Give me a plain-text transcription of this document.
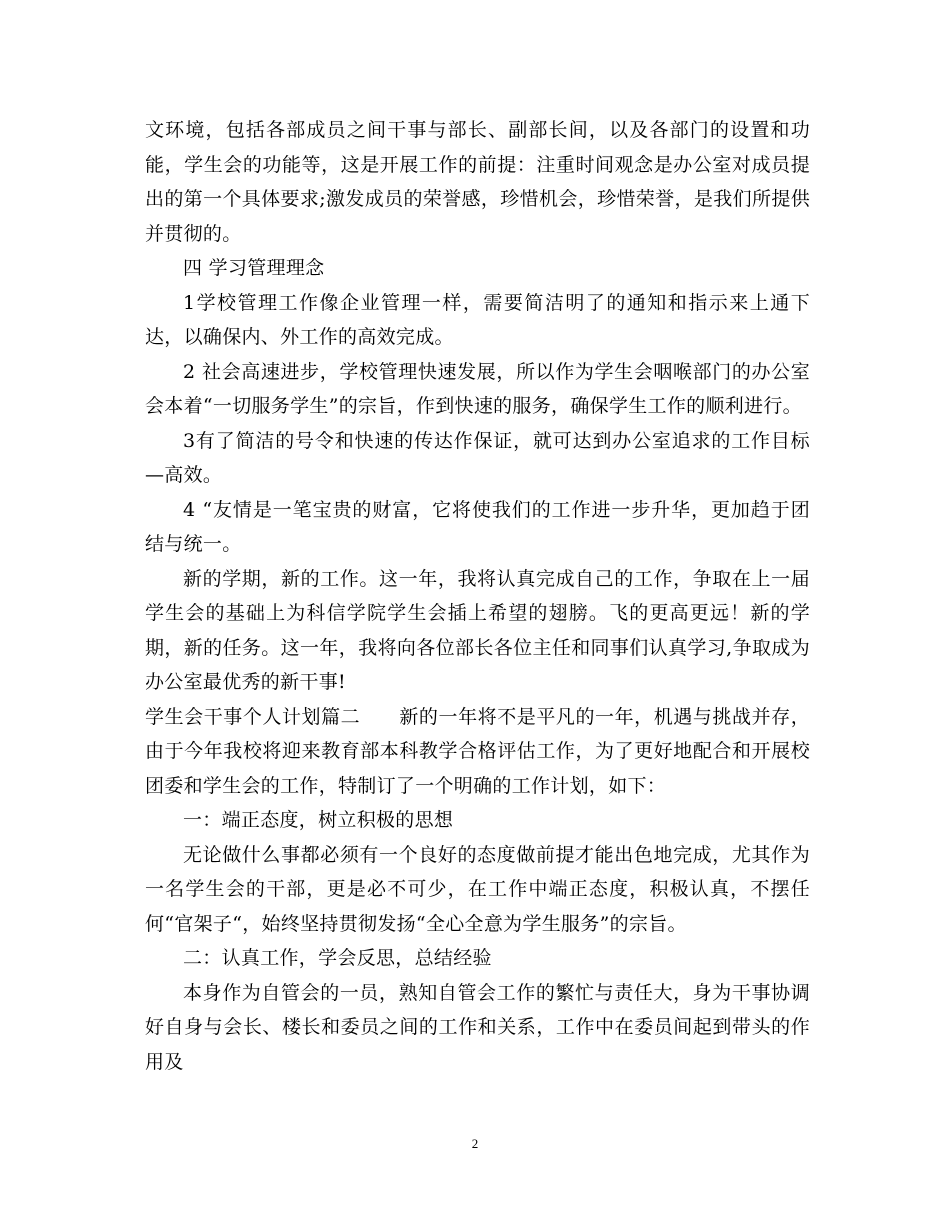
文环境，包括各部成员之间干事与部长、副部长间，以及各部门的设置和功能，学生会的功能等，这是开展工作的前提：注重时间观念是办公室对成员提出的第一个具体要求;激发成员的荣誉感，珍惜机会，珍惜荣誉，是我们所提供并贯彻的。

四 学习管理理念

1学校管理工作像企业管理一样，需要简洁明了的通知和指示来上通下达，以确保内、外工作的高效完成。

2 社会高速进步，学校管理快速发展，所以作为学生会咽喉部门的办公室会本着“一切服务学生”的宗旨，作到快速的服务，确保学生工作的顺利进行。

3有了简洁的号令和快速的传达作保证，就可达到办公室追求的工作目标—高效。

4 “友情是一笔宝贵的财富，它将使我们的工作进一步升华，更加趋于团结与统一。

新的学期，新的工作。这一年，我将认真完成自己的工作，争取在上一届学生会的基础上为科信学院学生会插上希望的翅膀。飞的更高更远！新的学期，新的任务。这一年，我将向各位部长各位主任和同事们认真学习,争取成为办公室最优秀的新干事!

学生会干事个人计划篇二　　新的一年将不是平凡的一年，机遇与挑战并存，由于今年我校将迎来教育部本科教学合格评估工作，为了更好地配合和开展校团委和学生会的工作，特制订了一个明确的工作计划，如下：

一：端正态度，树立积极的思想

无论做什么事都必须有一个良好的态度做前提才能出色地完成，尤其作为一名学生会的干部，更是必不可少，在工作中端正态度，积极认真，不摆任何“官架子“，始终坚持贯彻发扬“全心全意为学生服务”的宗旨。

二：认真工作，学会反思，总结经验

本身作为自管会的一员，熟知自管会工作的繁忙与责任大，身为干事协调好自身与会长、楼长和委员之间的工作和关系，工作中在委员间起到带头的作用及

2
